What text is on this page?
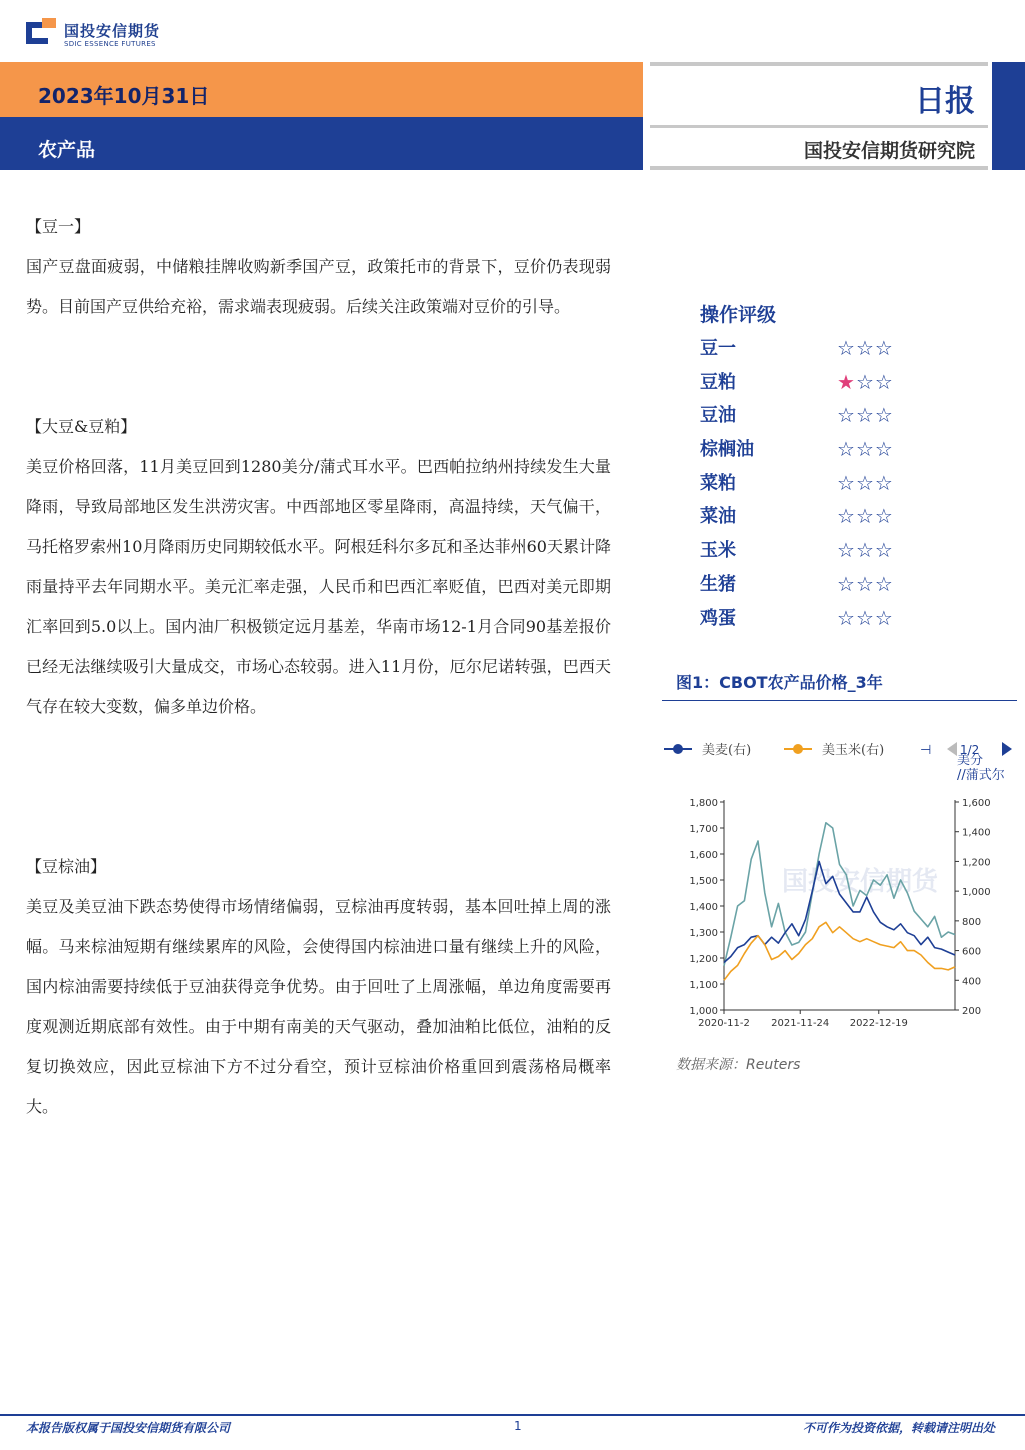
国投安信期货
SDIC ESSENCE FUTURES
2023年10月31日
农产品
日报
国投安信期货研究院
【豆一】

国产豆盘面疲弱，中储粮挂牌收购新季国产豆，政策托市的背景下，豆价仍表现弱势。目前国产豆供给充裕，需求端表现疲弱。后续关注政策端对豆价的引导。

【大豆&豆粕】

美豆价格回落，11月美豆回到1280美分/蒲式耳水平。巴西帕拉纳州持续发生大量降雨，导致局部地区发生洪涝灾害。中西部地区零星降雨，高温持续，天气偏干，马托格罗索州10月降雨历史同期较低水平。阿根廷科尔多瓦和圣达菲州60天累计降雨量持平去年同期水平。美元汇率走强，人民币和巴西汇率贬值，巴西对美元即期汇率回到5.0以上。国内油厂积极锁定远月基差，华南市场12-1月合同90基差报价已经无法继续吸引大量成交，市场心态较弱。进入11月份，厄尔尼诺转强，巴西天气存在较大变数，偏多单边价格。

【豆棕油】

美豆及美豆油下跌态势使得市场情绪偏弱，豆棕油再度转弱，基本回吐掉上周的涨幅。马来棕油短期有继续累库的风险，会使得国内棕油进口量有继续上升的风险，国内棕油需要持续低于豆油获得竞争优势。由于回吐了上周涨幅，单边角度需要再度观测近期底部有效性。由于中期有南美的天气驱动，叠加油粕比低位，油粕的反复切换效应，因此豆棕油下方不过分看空，预计豆棕油价格重回到震荡格局概率大。

操作评级
豆一	☆☆☆
豆粕	★☆☆
豆油	☆☆☆
棕榈油	☆☆☆
菜粕	☆☆☆
菜油	☆☆☆
玉米	☆☆☆
生猪	☆☆☆
鸡蛋	☆☆☆
图1：CBOT农产品价格_3年
美麦(右)	美玉米(右)	⊣ 1/2
美分
//蒲式尔
国投安信期货
1,000
1,100
1,200
1,300
1,400
1,500
1,600
1,700
1,800
200
400
600
800
1,000
1,200
1,400
1,600
2020-11-2 2021-11-24 2022-12-19
数据来源：Reuters
本报告版权属于国投安信期货有限公司	1	不可作为投资依据，转载请注明出处
